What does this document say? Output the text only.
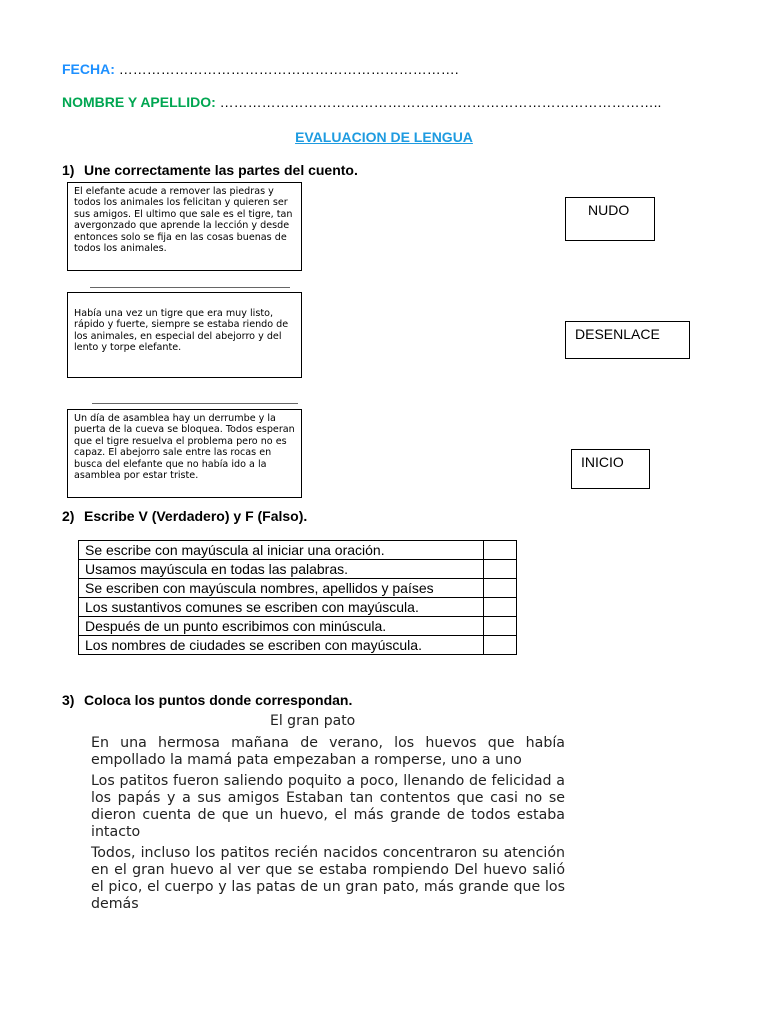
FECHA: ……………………………………………………………….
NOMBRE Y APELLIDO: …………………………………………………………………………………..
EVALUACION DE LENGUA
1) Une correctamente las partes del cuento.
El elefante acude a remover las piedras y todos los animales los felicitan y quieren ser sus amigos. El ultimo que sale es el tigre, tan avergonzado que aprende la lección y desde entonces solo se fija en las cosas buenas de todos los animales.
Había una vez un tigre que era muy listo, rápido y fuerte, siempre se estaba riendo de los animales, en especial del abejorro y del lento y torpe elefante.
Un día de asamblea hay un derrumbe y la puerta de la cueva se bloquea. Todos esperan que el tigre resuelva el problema pero no es capaz. El abejorro sale entre las rocas en busca del elefante que no había ido a la asamblea por estar triste.
NUDO
DESENLACE
INICIO
2) Escribe V (Verdadero) y F (Falso).
Se escribe con mayúscula al iniciar una oración.	
Usamos mayúscula en todas las palabras.	
Se escriben con mayúscula nombres, apellidos y países	
Los sustantivos comunes se escriben con mayúscula.	
Después de un punto escribimos con minúscula.	
Los nombres de ciudades se escriben con mayúscula.	
3) Coloca los puntos donde correspondan.
El gran pato

En una hermosa mañana de verano, los huevos que había empollado la mamá pata empezaban a romperse, uno a uno

Los patitos fueron saliendo poquito a poco, llenando de felicidad a los papás y a sus amigos Estaban tan contentos que casi no se dieron cuenta de que un huevo, el más grande de todos estaba intacto

Todos, incluso los patitos recién nacidos concentraron su atención en el gran huevo al ver que se estaba rompiendo Del huevo salió el pico, el cuerpo y las patas de un gran pato, más grande que los demás
